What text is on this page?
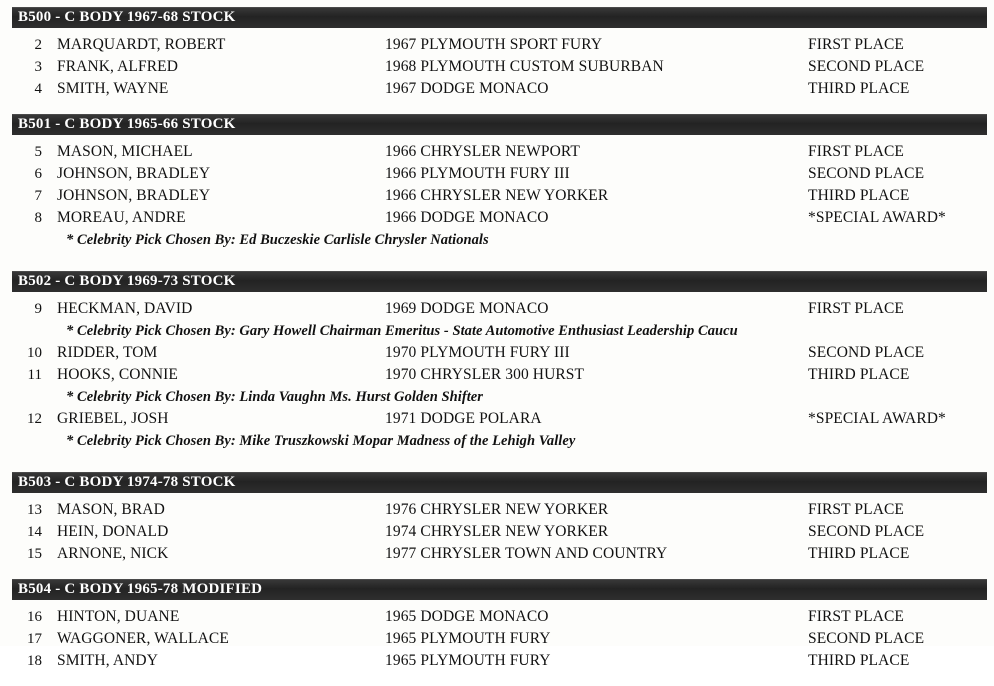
B500 - C BODY 1967-68 STOCK
2 MARQUARDT, ROBERT	1967 PLYMOUTH SPORT FURY	FIRST PLACE
3 FRANK, ALFRED	1968 PLYMOUTH CUSTOM SUBURBAN	SECOND PLACE
4 SMITH, WAYNE	1967 DODGE MONACO	THIRD PLACE
B501 - C BODY 1965-66 STOCK
5 MASON, MICHAEL	1966 CHRYSLER NEWPORT	FIRST PLACE
6 JOHNSON, BRADLEY	1966 PLYMOUTH FURY III	SECOND PLACE
7 JOHNSON, BRADLEY	1966 CHRYSLER NEW YORKER	THIRD PLACE
8 MOREAU, ANDRE	1966 DODGE MONACO	*SPECIAL AWARD*
* Celebrity Pick Chosen By: Ed Buczeskie Carlisle Chrysler Nationals
B502 - C BODY 1969-73 STOCK
9 HECKMAN, DAVID	1969 DODGE MONACO	FIRST PLACE
* Celebrity Pick Chosen By: Gary Howell Chairman Emeritus - State Automotive Enthusiast Leadership Caucu
10 RIDDER, TOM	1970 PLYMOUTH FURY III	SECOND PLACE
11 HOOKS, CONNIE	1970 CHRYSLER 300 HURST	THIRD PLACE
* Celebrity Pick Chosen By: Linda Vaughn Ms. Hurst Golden Shifter
12 GRIEBEL, JOSH	1971 DODGE POLARA	*SPECIAL AWARD*
* Celebrity Pick Chosen By: Mike Truszkowski Mopar Madness of the Lehigh Valley
B503 - C BODY 1974-78 STOCK
13 MASON, BRAD	1976 CHRYSLER NEW YORKER	FIRST PLACE
14 HEIN, DONALD	1974 CHRYSLER NEW YORKER	SECOND PLACE
15 ARNONE, NICK	1977 CHRYSLER TOWN AND COUNTRY	THIRD PLACE
B504 - C BODY 1965-78 MODIFIED
16 HINTON, DUANE	1965 DODGE MONACO	FIRST PLACE
17 WAGGONER, WALLACE	1965 PLYMOUTH FURY	SECOND PLACE
18 SMITH, ANDY	1965 PLYMOUTH FURY	THIRD PLACE
